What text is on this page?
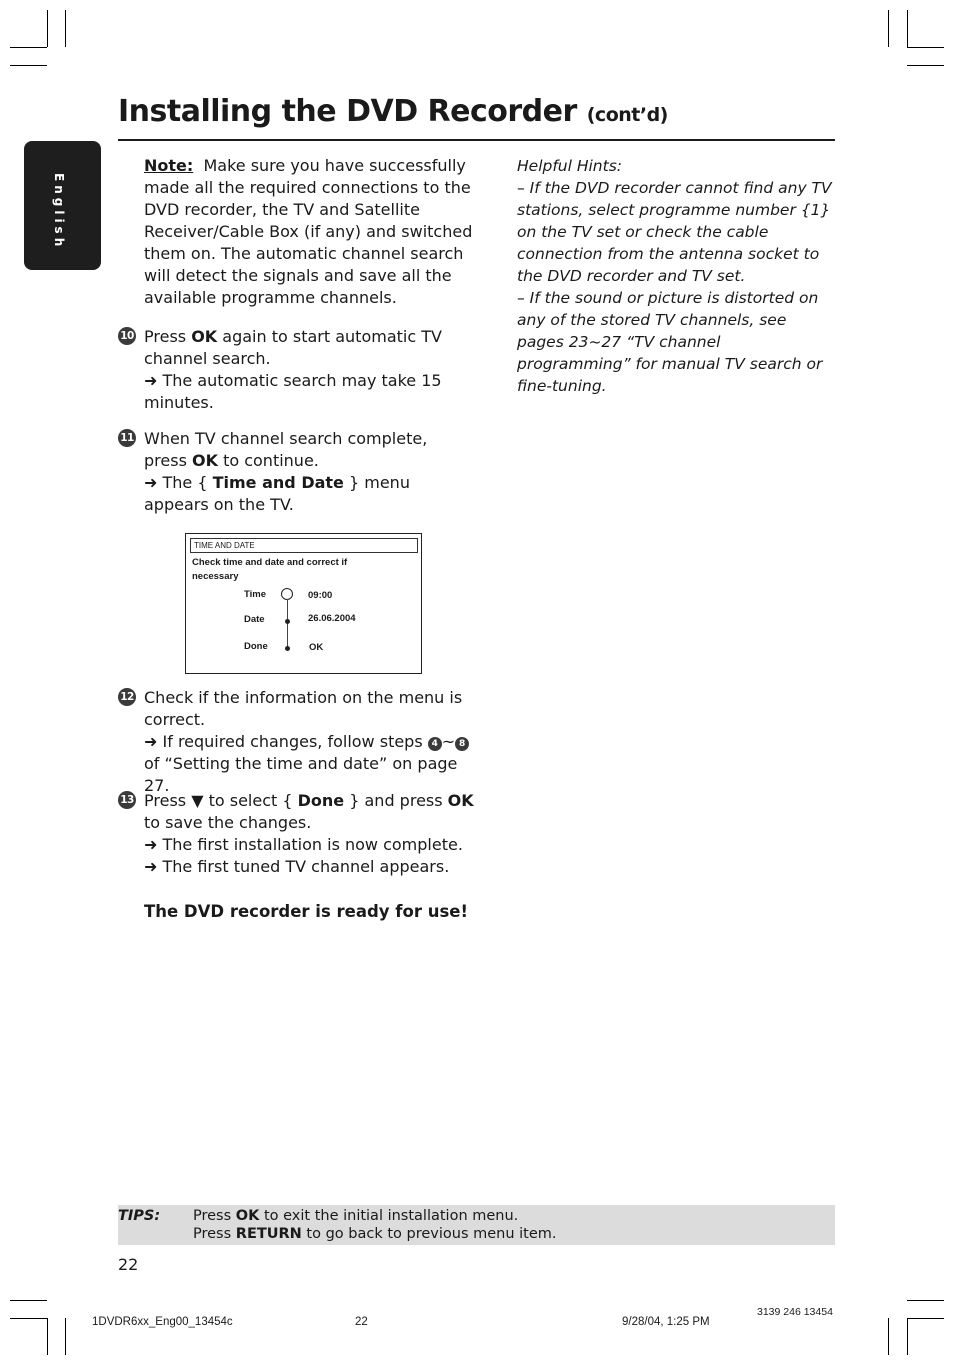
Installing the DVD Recorder (cont’d)
English
Note: Make sure you have successfully made all the required connections to the DVD recorder, the TV and Satellite Receiver/Cable Box (if any) and switched them on. The automatic channel search will detect the signals and save all the available programme channels.
10 Press OK again to start automatic TV channel search.
➜ The automatic search may take 15 minutes.
11 When TV channel search complete, press OK to continue.
➜ The { Time and Date } menu appears on the TV.
TIME AND DATE
Check time and date and correct if necessary
Time	09:00
Date	26.06.2004
Done	OK
12 Check if the information on the menu is correct.
➜ If required changes, follow steps 4 ~ 8 of “Setting the time and date” on page 27.
13 Press ▼ to select { Done } and press OK to save the changes.
➜ The first installation is now complete.
➜ The first tuned TV channel appears.
The DVD recorder is ready for use!
Helpful Hints:
– If the DVD recorder cannot find any TV stations, select programme number {1} on the TV set or check the cable connection from the antenna socket to the DVD recorder and TV set.
– If the sound or picture is distorted on any of the stored TV channels, see pages 23~27 “TV channel programming” for manual TV search or fine-tuning.
TIPS: Press OK to exit the initial installation menu.
Press RETURN to go back to previous menu item.
22
1DVDR6xx_Eng00_13454c	22	9/28/04, 1:25 PM
3139 246 13454
